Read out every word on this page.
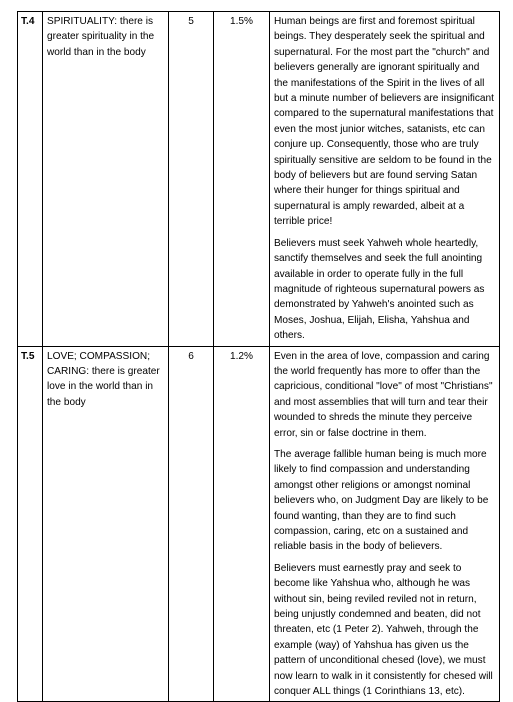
T.4	SPIRITUALITY: there is greater spirituality in the world than in the body	5	1.5%	Human beings are first and foremost spiritual beings. They desperately seek the spiritual and supernatural. For the most part the "church" and believers generally are ignorant spiritually and the manifestations of the Spirit in the lives of all but a minute number of believers are insignificant compared to the supernatural manifestations that even the most junior witches, satanists, etc can conjure up. Consequently, those who are truly spiritually sensitive are seldom to be found in the body of believers but are found serving Satan where their hunger for things spiritual and supernatural is amply rewarded, albeit at a terrible price!

Believers must seek Yahweh whole heartedly, sanctify themselves and seek the full anointing available in order to operate fully in the full magnitude of righteous supernatural powers as demonstrated by Yahweh's anointed such as Moses, Joshua, Elijah, Elisha, Yahshua and others.

T.5	LOVE; COMPASSION; CARING: there is greater love in the world than in the body	6	1.2%	Even in the area of love, compassion and caring the world frequently has more to offer than the capricious, conditional "love" of most "Christians" and most assemblies that will turn and tear their wounded to shreds the minute they perceive error, sin or false doctrine in them.

The average fallible human being is much more likely to find compassion and understanding amongst other religions or amongst nominal believers who, on Judgment Day are likely to be found wanting, than they are to find such compassion, caring, etc on a sustained and reliable basis in the body of believers.

Believers must earnestly pray and seek to become like Yahshua who, although he was without sin, being reviled reviled not in return, being unjustly condemned and beaten, did not threaten, etc (1 Peter 2). Yahweh, through the example (way) of Yahshua has given us the pattern of unconditional chesed (love), we must now learn to walk in it consistently for chesed will conquer ALL things (1 Corinthians 13, etc).
